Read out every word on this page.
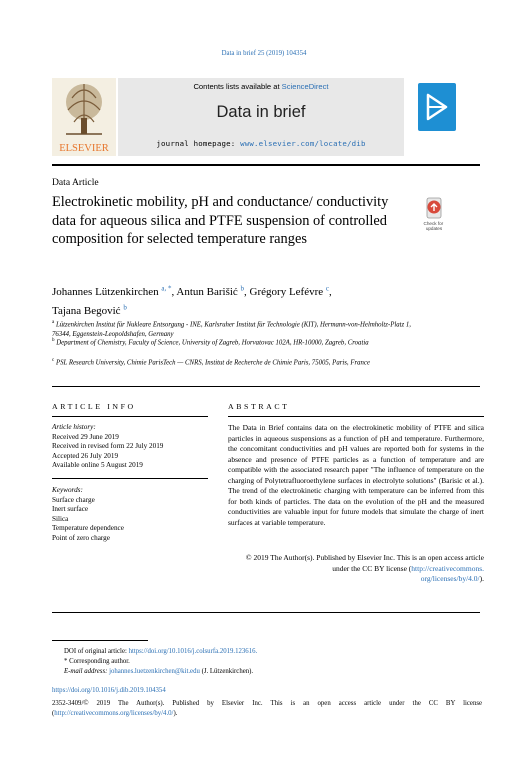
Data in brief 25 (2019) 104354
ELSEVIER
Contents lists available at ScienceDirect
Data in brief
journal homepage: www.elsevier.com/locate/dib
Data Article
Electrokinetic mobility, pH and conductance/ conductivity data for aqueous silica and PTFE suspension of controlled composition for selected temperature ranges
Check for updates
Johannes Lützenkirchen $^{a, *}$, Antun Barišić $^b$, Grégory Lefévre $^c$,
Tajana Begović $^b$
$^a$ Lützenkirchen Institut für Nukleare Entsorgung - INE, Karlsruher Institut für Technologie (KIT), Hermann-von-Helmholtz-Platz 1, 76344, Eggenstein-Leopoldshafen, Germany
$^b$ Department of Chemistry, Faculty of Science, University of Zagreb, Horvatovac 102A, HR-10000, Zagreb, Croatia
$^c$ PSL Research University, Chimie ParisTech — CNRS, Institut de Recherche de Chimie Paris, 75005, Paris, France
ARTICLE INFO	ABSTRACT
Article history:
Received 29 June 2019
Received in revised form 22 July 2019
Accepted 26 July 2019
Available online 5 August 2019
Keywords:
Surface charge
Inert surface
Silica
Temperature dependence
Point of zero charge
The Data in Brief contains data on the electrokinetic mobility of PTFE and silica particles in aqueous suspensions as a function of pH and temperature. Furthermore, the concomitant conductivities and pH values are reported both for systems in the absence and presence of PTFE particles as a function of temperature and are compatible with the associated research paper "The influence of temperature on the charging of Polytetrafluoroethylene surfaces in electrolyte solutions" (Barisic et al.). The trend of the electrokinetic charging with temperature can be inferred from this for both kinds of particles. The data on the evolution of the pH and the measured conductivities are valuable input for future models that simulate the charge of inert surfaces at variable temperature.
© 2019 The Author(s). Published by Elsevier Inc. This is an open access article under the CC BY license (http://creativecommons.
org/licenses/by/4.0/).
DOI of original article: https://doi.org/10.1016/j.colsurfa.2019.123616.
* Corresponding author.
E-mail address: johannes.luetzenkirchen@kit.edu (J. Lützenkirchen).
https://doi.org/10.1016/j.dib.2019.104354
2352-3409/© 2019 The Author(s). Published by Elsevier Inc. This is an open access article under the CC BY license (http://creativecommons.org/licenses/by/4.0/).
